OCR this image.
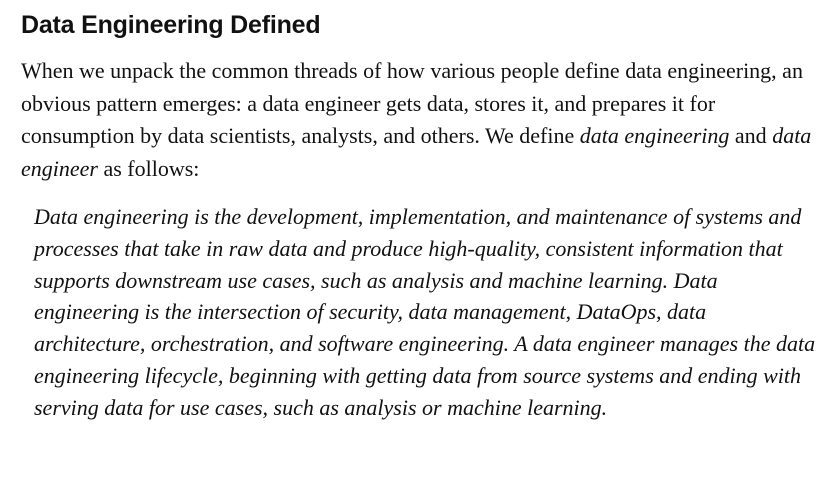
Data Engineering Defined

When we unpack the common threads of how various people define data engineering, an obvious pattern emerges: a data engineer gets data, stores it, and prepares it for consumption by data scientists, analysts, and others. We define data engineering and data engineer as follows:

Data engineering is the development, implementation, and maintenance of systems and processes that take in raw data and produce high-quality, consistent information that supports downstream use cases, such as analysis and machine learning. Data engineering is the intersection of security, data management, DataOps, data architecture, orchestration, and software engineering. A data engineer manages the data engineering lifecycle, beginning with getting data from source systems and ending with serving data for use cases, such as analysis or machine learning.
